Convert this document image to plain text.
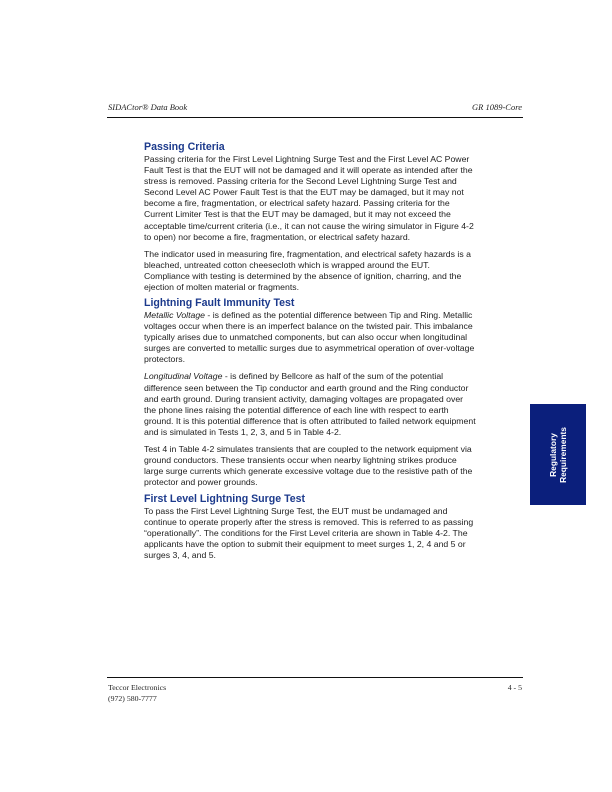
SIDACtor® Data Book	GR 1089-Core
Passing Criteria

Passing criteria for the First Level Lightning Surge Test and the First Level AC Power
Fault Test is that the EUT will not be damaged and it will operate as intended after the
stress is removed. Passing criteria for the Second Level Lightning Surge Test and
Second Level AC Power Fault Test is that the EUT may be damaged, but it may not
become a fire, fragmentation, or electrical safety hazard. Passing criteria for the
Current Limiter Test is that the EUT may be damaged, but it may not exceed the
acceptable time/current criteria (i.e., it can not cause the wiring simulator in Figure 4-2
to open) nor become a fire, fragmentation, or electrical safety hazard.

The indicator used in measuring fire, fragmentation, and electrical safety hazards is a
bleached, untreated cotton cheesecloth which is wrapped around the EUT.
Compliance with testing is determined by the absence of ignition, charring, and the
ejection of molten material or fragments.

Lightning Fault Immunity Test

Metallic Voltage - is defined as the potential difference between Tip and Ring. Metallic
voltages occur when there is an imperfect balance on the twisted pair. This imbalance
typically arises due to unmatched components, but can also occur when longitudinal
surges are converted to metallic surges due to asymmetrical operation of over-voltage
protectors.

Longitudinal Voltage - is defined by Bellcore as half of the sum of the potential
difference seen between the Tip conductor and earth ground and the Ring conductor
and earth ground. During transient activity, damaging voltages are propagated over
the phone lines raising the potential difference of each line with respect to earth
ground. It is this potential difference that is often attributed to failed network equipment
and is simulated in Tests 1, 2, 3, and 5 in Table 4-2.

Test 4 in Table 4-2 simulates transients that are coupled to the network equipment via
ground conductors. These transients occur when nearby lightning strikes produce
large surge currents which generate excessive voltage due to the resistive path of the
protector and power grounds.

First Level Lightning Surge Test

To pass the First Level Lightning Surge Test, the EUT must be undamaged and
continue to operate properly after the stress is removed. This is referred to as passing
“operationally”. The conditions for the First Level criteria are shown in Table 4-2. The
applicants have the option to submit their equipment to meet surges 1, 2, 4 and 5 or
surges 3, 4, and 5.

Regulatory Requirements
Teccor Electronics
(972) 580-7777
4 - 5
